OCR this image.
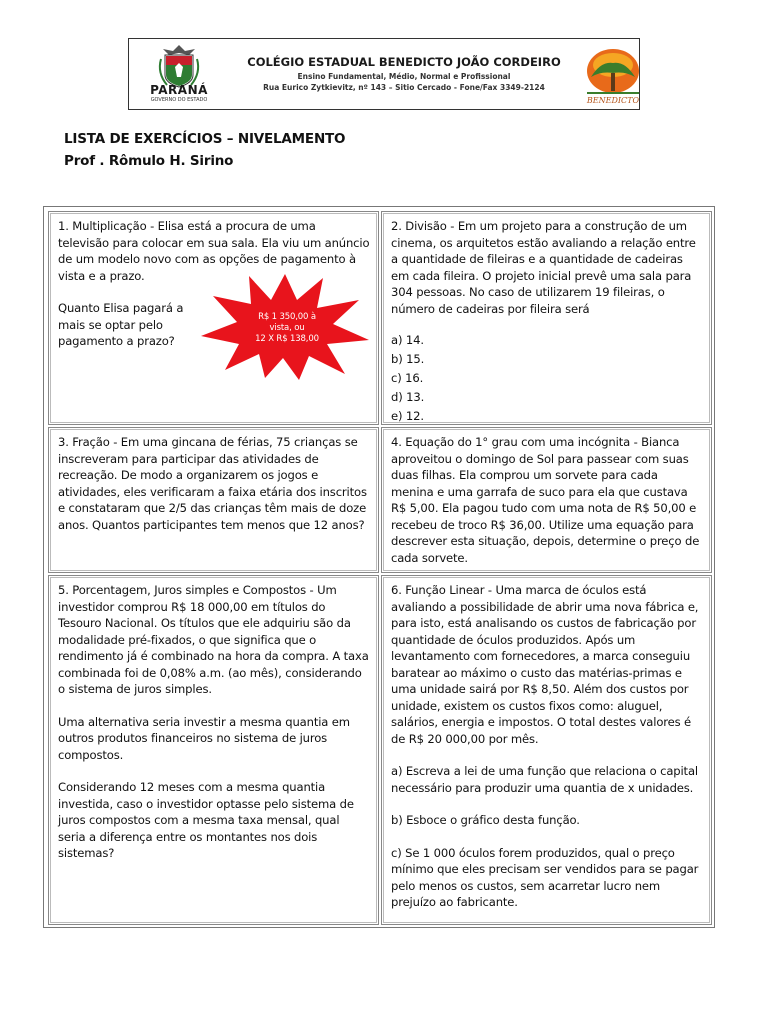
PARANÁ
GOVERNO DO ESTADO
COLÉGIO ESTADUAL BENEDICTO JOÃO CORDEIRO
Ensino Fundamental, Médio, Normal e Profissional
Rua Eurico Zytkievitz, nº 143 – Sitio Cercado - Fone/Fax 3349-2124
BENEDICTO
LISTA DE EXERCÍCIOS – NIVELAMENTO
Prof . Rômulo H. Sirino

1. Multiplicação - Elisa está a procura de uma televisão para colocar em sua sala. Ela viu um anúncio de um modelo novo com as opções de pagamento à vista e a prazo.

Quanto Elisa pagará a mais se optar pelo pagamento a prazo?

R$ 1 350,00 à
vista, ou
12 X R$ 138,00

2. Divisão - Em um projeto para a construção de um cinema, os arquitetos estão avaliando a relação entre a quantidade de fileiras e a quantidade de cadeiras em cada fileira. O projeto inicial prevê uma sala para 304 pessoas. No caso de utilizarem 19 fileiras, o número de cadeiras por fileira será

a) 14.

b) 15.

c) 16.

d) 13.

e) 12.

3. Fração - Em uma gincana de férias, 75 crianças se inscreveram para participar das atividades de recreação. De modo a organizarem os jogos e atividades, eles verificaram a faixa etária dos inscritos e constataram que 2/5 das crianças têm mais de doze anos. Quantos participantes tem menos que 12 anos?

4. Equação do 1° grau com uma incógnita - Bianca aproveitou o domingo de Sol para passear com suas duas filhas. Ela comprou um sorvete para cada menina e uma garrafa de suco para ela que custava R$ 5,00. Ela pagou tudo com uma nota de R$ 50,00 e recebeu de troco R$ 36,00. Utilize uma equação para descrever esta situação, depois, determine o preço de cada sorvete.

5. Porcentagem, Juros simples e Compostos - Um investidor comprou R$ 18 000,00 em títulos do Tesouro Nacional. Os títulos que ele adquiriu são da modalidade pré-fixados, o que significa que o rendimento já é combinado na hora da compra. A taxa combinada foi de 0,08% a.m. (ao mês), considerando o sistema de juros simples.

Uma alternativa seria investir a mesma quantia em outros produtos financeiros no sistema de juros compostos.

Considerando 12 meses com a mesma quantia investida, caso o investidor optasse pelo sistema de juros compostos com a mesma taxa mensal, qual seria a diferença entre os montantes nos dois sistemas?

6. Função Linear - Uma marca de óculos está avaliando a possibilidade de abrir uma nova fábrica e, para isto, está analisando os custos de fabricação por quantidade de óculos produzidos. Após um levantamento com fornecedores, a marca conseguiu baratear ao máximo o custo das matérias-primas e uma unidade sairá por R$ 8,50. Além dos custos por unidade, existem os custos fixos como: aluguel, salários, energia e impostos. O total destes valores é de R$ 20 000,00 por mês.

a) Escreva a lei de uma função que relaciona o capital necessário para produzir uma quantia de x unidades.

b) Esboce o gráfico desta função.

c) Se 1 000 óculos forem produzidos, qual o preço mínimo que eles precisam ser vendidos para se pagar pelo menos os custos, sem acarretar lucro nem prejuízo ao fabricante.
